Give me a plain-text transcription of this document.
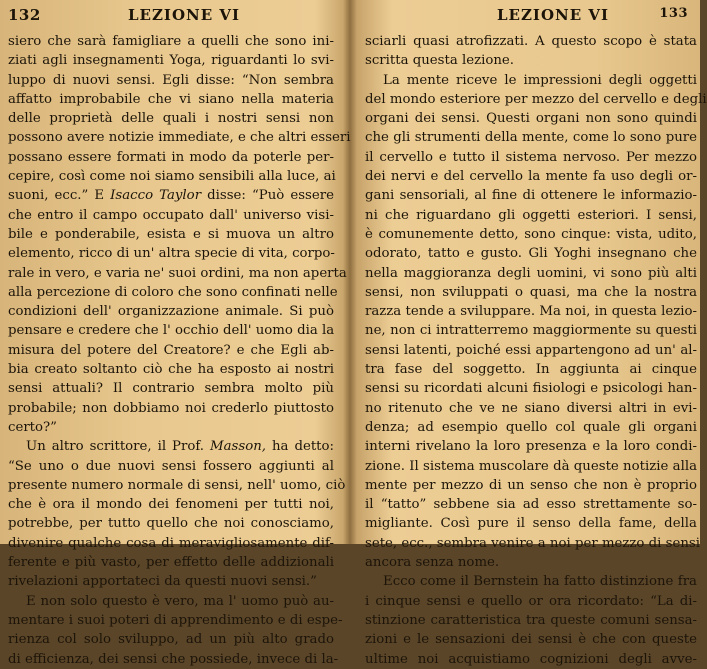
132	LEZIONE VI
siero che sarà famigliare a quelli che sono ini-
ziati agli insegnamenti Yoga, riguardanti lo svi-
luppo di nuovi sensi. Egli disse: “Non sembra
affatto improbabile che vi siano nella materia
delle proprietà delle quali i nostri sensi non
possono avere notizie immediate, e che altri esseri
possano essere formati in modo da poterle per-
cepire, così come noi siamo sensibili alla luce, ai
suoni, ecc.” E Isacco Taylor disse: “Può essere
che entro il campo occupato dall' universo visi-
bile e ponderabile, esista e si muova un altro
elemento, ricco di un' altra specie di vita, corpo-
rale in vero, e varia ne' suoi ordini, ma non aperta
alla percezione di coloro che sono confinati nelle
condizioni dell' organizzazione animale. Si può
pensare e credere che l' occhio dell' uomo dia la
misura del potere del Creatore? e che Egli ab-
bia creato soltanto ciò che ha esposto ai nostri
sensi attuali? Il contrario sembra molto più
probabile; non dobbiamo noi crederlo piuttosto
certo?”
Un altro scrittore, il Prof. Masson, ha detto:
“Se uno o due nuovi sensi fossero aggiunti al
presente numero normale di sensi, nell' uomo, ciò
che è ora il mondo dei fenomeni per tutti noi,
potrebbe, per tutto quello che noi conosciamo,
divenire qualche cosa di meravigliosamente dif-
ferente e più vasto, per effetto delle addizionali
rivelazioni apportateci da questi nuovi sensi.”
E non solo questo è vero, ma l' uomo può au-
mentare i suoi poteri di apprendimento e di espe-
rienza col solo sviluppo, ad un più alto grado
di efficienza, dei sensi che possiede, invece di la-
LEZIONE VI	133
sciarli quasi atrofizzati. A questo scopo è stata
scritta questa lezione.
La mente riceve le impressioni degli oggetti
del mondo esteriore per mezzo del cervello e degli
organi dei sensi. Questi organi non sono quindi
che gli strumenti della mente, come lo sono pure
il cervello e tutto il sistema nervoso. Per mezzo
dei nervi e del cervello la mente fa uso degli or-
gani sensoriali, al fine di ottenere le informazio-
ni che riguardano gli oggetti esteriori. I sensi,
è comunemente detto, sono cinque: vista, udito,
odorato, tatto e gusto. Gli Yoghi insegnano che
nella maggioranza degli uomini, vi sono più alti
sensi, non sviluppati o quasi, ma che la nostra
razza tende a sviluppare. Ma noi, in questa lezio-
ne, non ci intratterremo maggiormente su questi
sensi latenti, poiché essi appartengono ad un' al-
tra fase del soggetto. In aggiunta ai cinque
sensi su ricordati alcuni fisiologi e psicologi han-
no ritenuto che ve ne siano diversi altri in evi-
denza; ad esempio quello col quale gli organi
interni rivelano la loro presenza e la loro condi-
zione. Il sistema muscolare dà queste notizie alla
mente per mezzo di un senso che non è proprio
il “tatto” sebbene sia ad esso strettamente so-
migliante. Così pure il senso della fame, della
sete, ecc., sembra venire a noi per mezzo di sensi
ancora senza nome.
Ecco come il Bernstein ha fatto distinzione fra
i cinque sensi e quello or ora ricordato: “La di-
stinzione caratteristica tra queste comuni sensa-
zioni e le sensazioni dei sensi è che con queste
ultime noi acquistiamo cognizioni degli avve-
